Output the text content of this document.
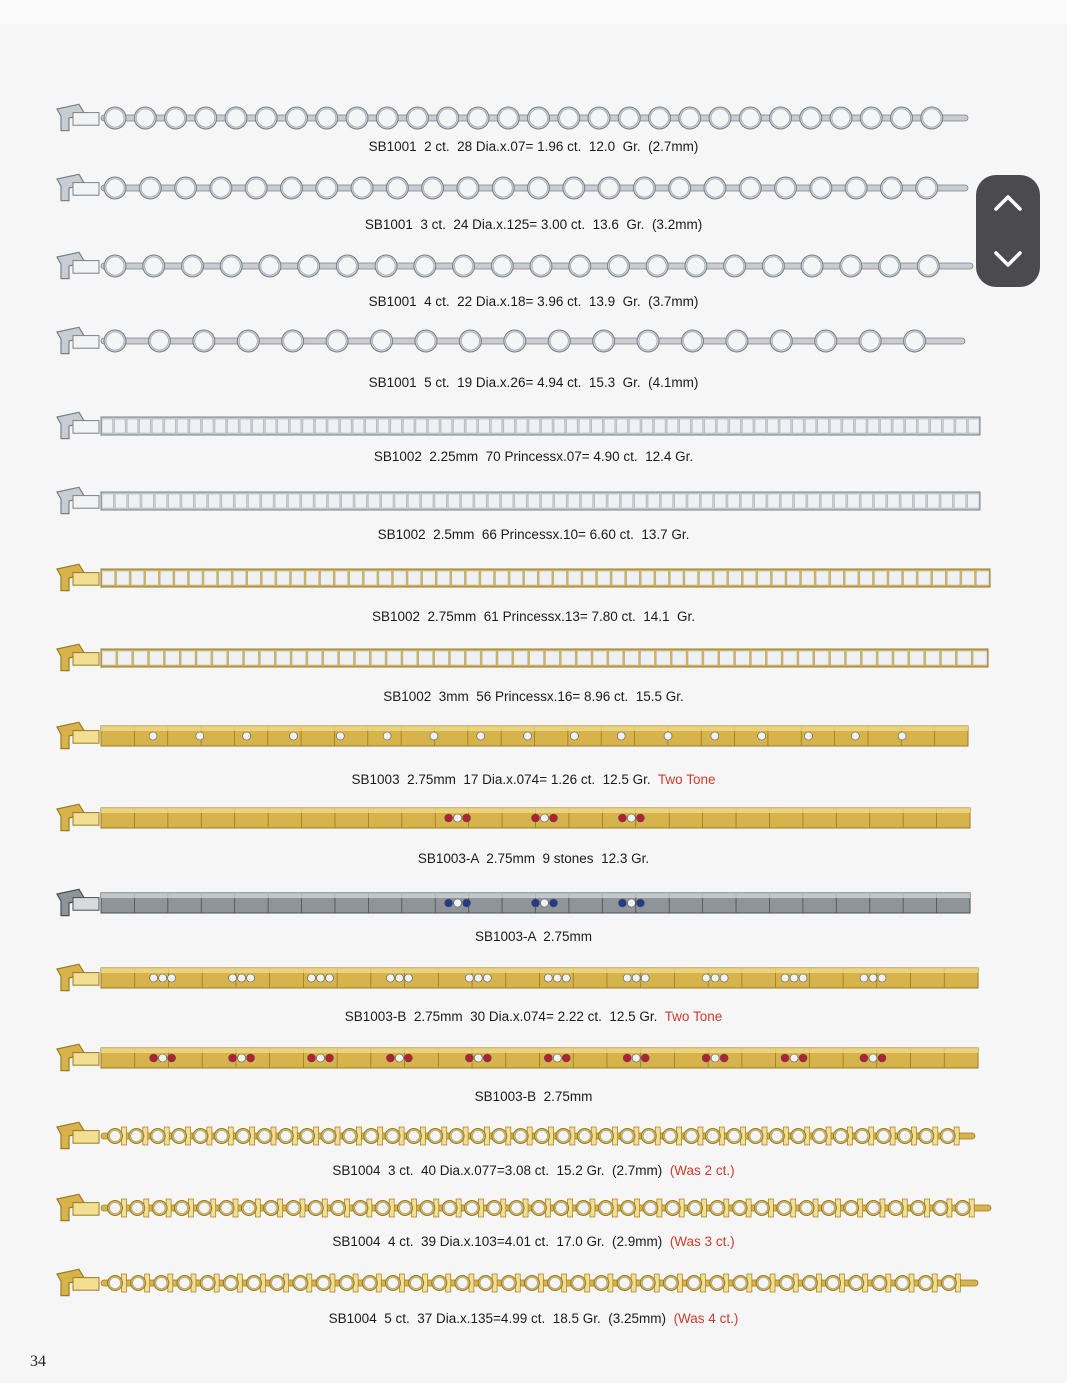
SB1001 2 ct. 28 Dia.x.07= 1.96 ct. 12.0  Gr. (2.7mm)
SB1001 3 ct. 24 Dia.x.125= 3.00 ct. 13.6  Gr. (3.2mm)
SB1001 4 ct. 22 Dia.x.18= 3.96 ct. 13.9  Gr. (3.7mm)
SB1001 5 ct. 19 Dia.x.26= 4.94 ct. 15.3  Gr. (4.1mm)
SB1002 2.25mm 70 Princessx.07= 4.90 ct. 12.4 Gr.
SB1002 2.5mm 66 Princessx.10= 6.60 ct. 13.7 Gr.
SB1002 2.75mm 61 Princessx.13= 7.80 ct. 14.1  Gr.
SB1002 3mm 56 Princessx.16= 8.96 ct. 15.5 Gr.
SB1003 2.75mm 17 Dia.x.074= 1.26 ct. 12.5 Gr. Two Tone
SB1003-A 2.75mm 9 stones 12.3 Gr.
SB1003-A 2.75mm
SB1003-B 2.75mm 30 Dia.x.074= 2.22 ct. 12.5 Gr. Two Tone
SB1003-B 2.75mm
SB1004 3 ct. 40 Dia.x.077=3.08 ct. 15.2 Gr. (2.7mm) (Was 2 ct.)
SB1004 4 ct. 39 Dia.x.103=4.01 ct. 17.0 Gr. (2.9mm) (Was 3 ct.)
SB1004 5 ct. 37 Dia.x.135=4.99 ct. 18.5 Gr. (3.25mm) (Was 4 ct.)
34
